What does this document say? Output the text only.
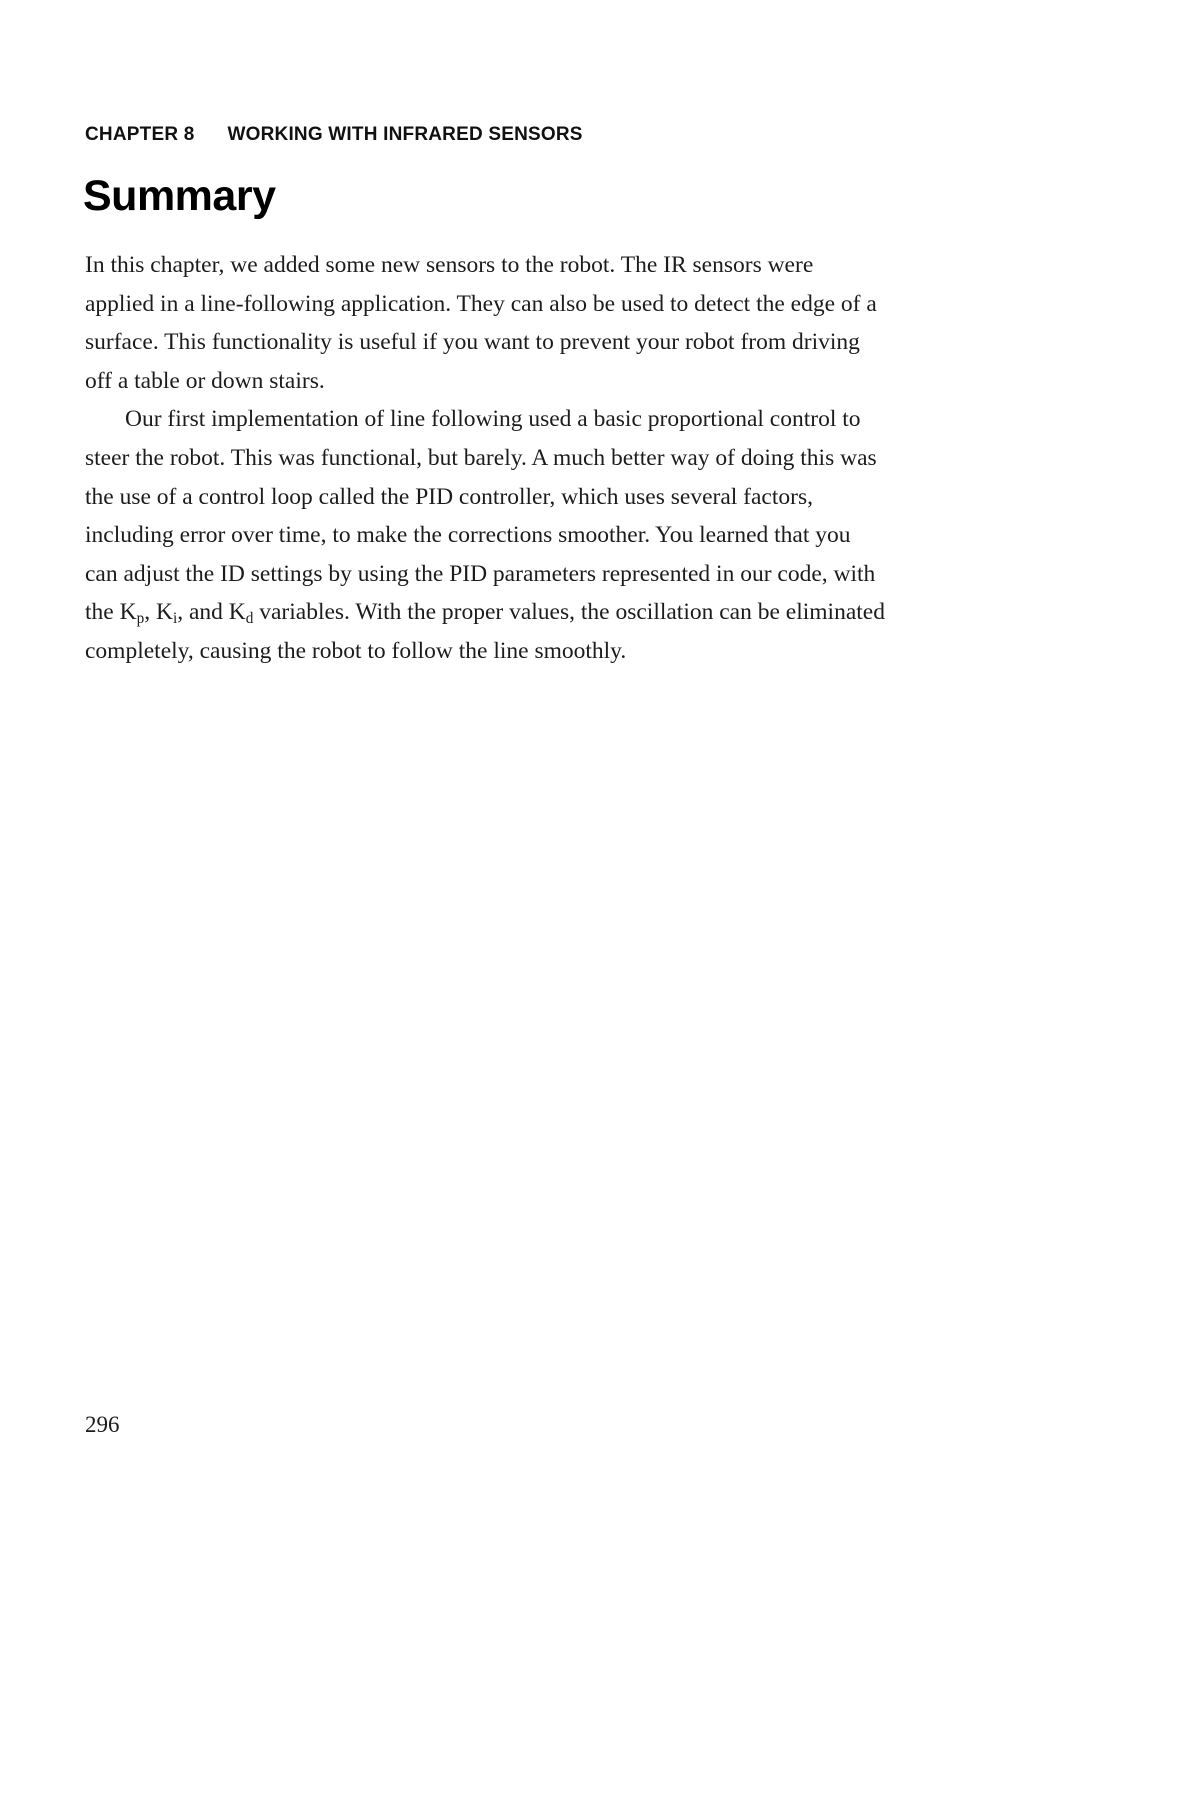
CHAPTER 8 WORKING WITH INFRARED SENSORS
Summary

In this chapter, we added some new sensors to the robot. The IR sensors were applied in a line-following application. They can also be used to detect the edge of a surface. This functionality is useful if you want to prevent your robot from driving off a table or down stairs.

Our first implementation of line following used a basic proportional control to steer the robot. This was functional, but barely. A much better way of doing this was the use of a control loop called the PID controller, which uses several factors, including error over time, to make the corrections smoother. You learned that you can adjust the ID settings by using the PID parameters represented in our code, with the $K_p$, $K_i$, and $K_d$ variables. With the proper values, the oscillation can be eliminated completely, causing the robot to follow the line smoothly.

296
